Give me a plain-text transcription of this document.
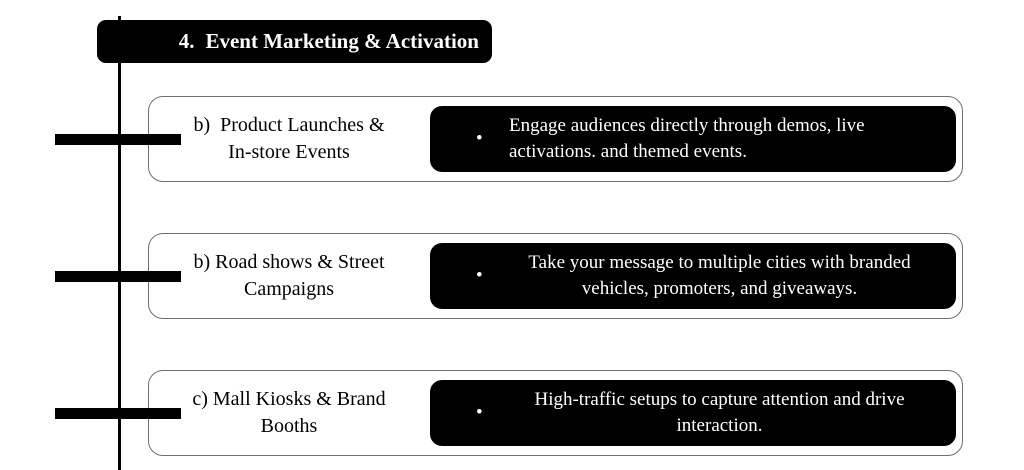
4. Event Marketing & Activation
b)  Product Launches &
In-store Events
•
Engage audiences directly through demos, live
activations. and themed events.
b) Road shows & Street
Campaigns
•
Take your message to multiple cities with branded
vehicles, promoters, and giveaways.
c) Mall Kiosks & Brand
Booths
•
High-traffic setups to capture attention and drive
interaction.
